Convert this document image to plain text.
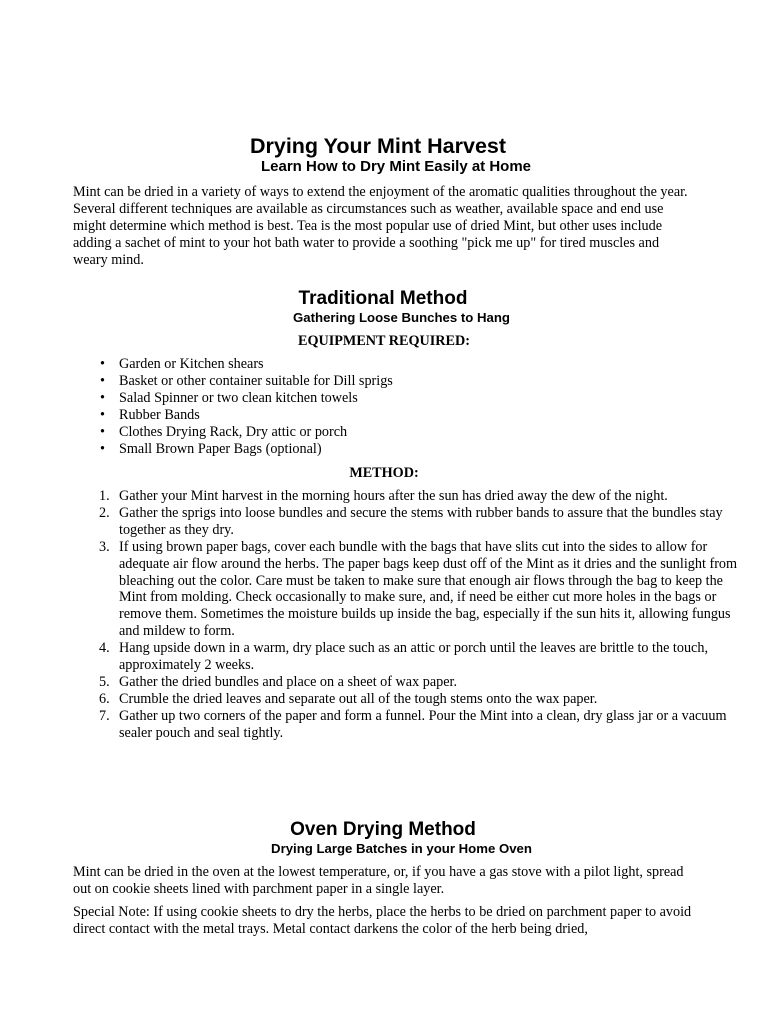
Drying Your Mint Harvest
Learn How to Dry Mint Easily at Home

Mint can be dried in a variety of ways to extend the enjoyment of the aromatic qualities throughout the year. Several different techniques are available as circumstances such as weather, available space and end use might determine which method is best. Tea is the most popular use of dried Mint, but other uses include adding a sachet of mint to your hot bath water to provide a soothing "pick me up" for tired muscles and weary mind.

Traditional Method
Gathering Loose Bunches to Hang
EQUIPMENT REQUIRED:
• Garden or Kitchen shears
• Basket or other container suitable for Dill sprigs
• Salad Spinner or two clean kitchen towels
• Rubber Bands
• Clothes Drying Rack, Dry attic or porch
• Small Brown Paper Bags (optional)
METHOD:
Gather your Mint harvest in the morning hours after the sun has dried away the dew of the night.
Gather the sprigs into loose bundles and secure the stems with rubber bands to assure that the bundles stay together as they dry.
If using brown paper bags, cover each bundle with the bags that have slits cut into the sides to allow for adequate air flow around the herbs. The paper bags keep dust off of the Mint as it dries and the sunlight from bleaching out the color. Care must be taken to make sure that enough air flows through the bag to keep the Mint from molding. Check occasionally to make sure, and, if need be either cut more holes in the bags or remove them. Sometimes the moisture builds up inside the bag, especially if the sun hits it, allowing fungus and mildew to form.
Hang upside down in a warm, dry place such as an attic or porch until the leaves are brittle to the touch, approximately 2 weeks.
Gather the dried bundles and place on a sheet of wax paper.
Crumble the dried leaves and separate out all of the tough stems onto the wax paper.
Gather up two corners of the paper and form a funnel. Pour the Mint into a clean, dry glass jar or a vacuum sealer pouch and seal tightly.
Oven Drying Method
Drying Large Batches in your Home Oven

Mint can be dried in the oven at the lowest temperature, or, if you have a gas stove with a pilot light, spread out on cookie sheets lined with parchment paper in a single layer.

Special Note: If using cookie sheets to dry the herbs, place the herbs to be dried on parchment paper to avoid direct contact with the metal trays. Metal contact darkens the color of the herb being dried,
